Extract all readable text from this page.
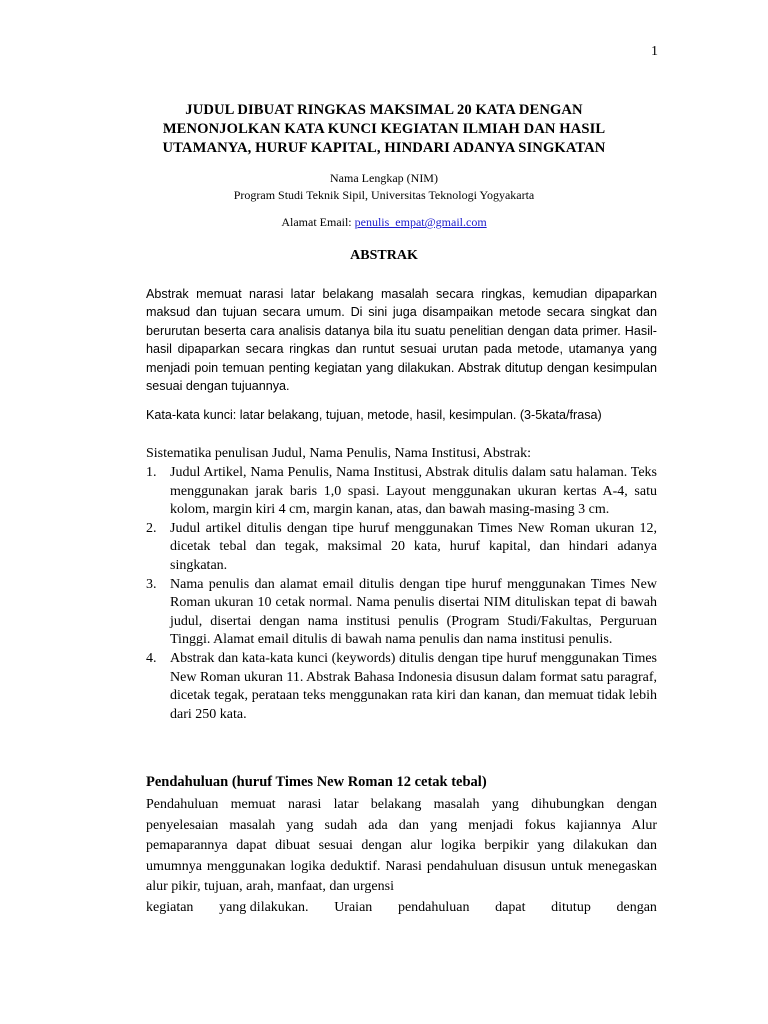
1
JUDUL DIBUAT RINGKAS MAKSIMAL 20 KATA DENGAN
MENONJOLKAN KATA KUNCI KEGIATAN ILMIAH DAN HASIL
UTAMANYA, HURUF KAPITAL, HINDARI ADANYA SINGKATAN
Nama Lengkap (NIM)
Program Studi Teknik Sipil, Universitas Teknologi Yogyakarta
Alamat Email: penulis_empat@gmail.com
ABSTRAK
Abstrak memuat narasi latar belakang masalah secara ringkas, kemudian dipaparkan maksud dan tujuan secara umum. Di sini juga disampaikan metode secara singkat dan berurutan beserta cara analisis datanya bila itu suatu penelitian dengan data primer. Hasil-hasil dipaparkan secara ringkas dan runtut sesuai urutan pada metode, utamanya yang menjadi poin temuan penting kegiatan yang dilakukan. Abstrak ditutup dengan kesimpulan sesuai dengan tujuannya.
Kata-kata kunci: latar belakang, tujuan, metode, hasil, kesimpulan. (3-5kata/frasa)
Sistematika penulisan Judul, Nama Penulis, Nama Institusi, Abstrak:
1. Judul Artikel, Nama Penulis, Nama Institusi, Abstrak ditulis dalam satu halaman. Teks menggunakan jarak baris 1,0 spasi. Layout menggunakan ukuran kertas A-4, satu kolom, margin kiri 4 cm, margin kanan, atas, dan bawah masing-masing 3 cm.
2. Judul artikel ditulis dengan tipe huruf menggunakan Times New Roman ukuran 12, dicetak tebal dan tegak, maksimal 20 kata, huruf kapital, dan hindari adanya singkatan.
3. Nama penulis dan alamat email ditulis dengan tipe huruf menggunakan Times New Roman ukuran 10 cetak normal. Nama penulis disertai NIM dituliskan tepat di bawah judul, disertai dengan nama institusi penulis (Program Studi/Fakultas, Perguruan Tinggi. Alamat email ditulis di bawah nama penulis dan nama institusi penulis.
4. Abstrak dan kata-kata kunci (keywords) ditulis dengan tipe huruf menggunakan Times New Roman ukuran 11. Abstrak Bahasa Indonesia disusun dalam format satu paragraf, dicetak tegak, perataan teks menggunakan rata kiri dan kanan, dan memuat tidak lebih dari 250 kata.
Pendahuluan (huruf Times New Roman 12 cetak tebal)
Pendahuluan memuat narasi latar belakang masalah yang dihubungkan dengan penyelesaian masalah yang sudah ada dan yang menjadi fokus kajiannya Alur pemaparannya dapat dibuat sesuai dengan alur logika berpikir yang dilakukan dan umumnya menggunakan logika deduktif. Narasi pendahuluan disusun untuk menegaskan alur pikir, tujuan, arah, manfaat, dan urgensi
kegiatan yang dilakukan. Uraian pendahuluan dapat ditutup dengan
